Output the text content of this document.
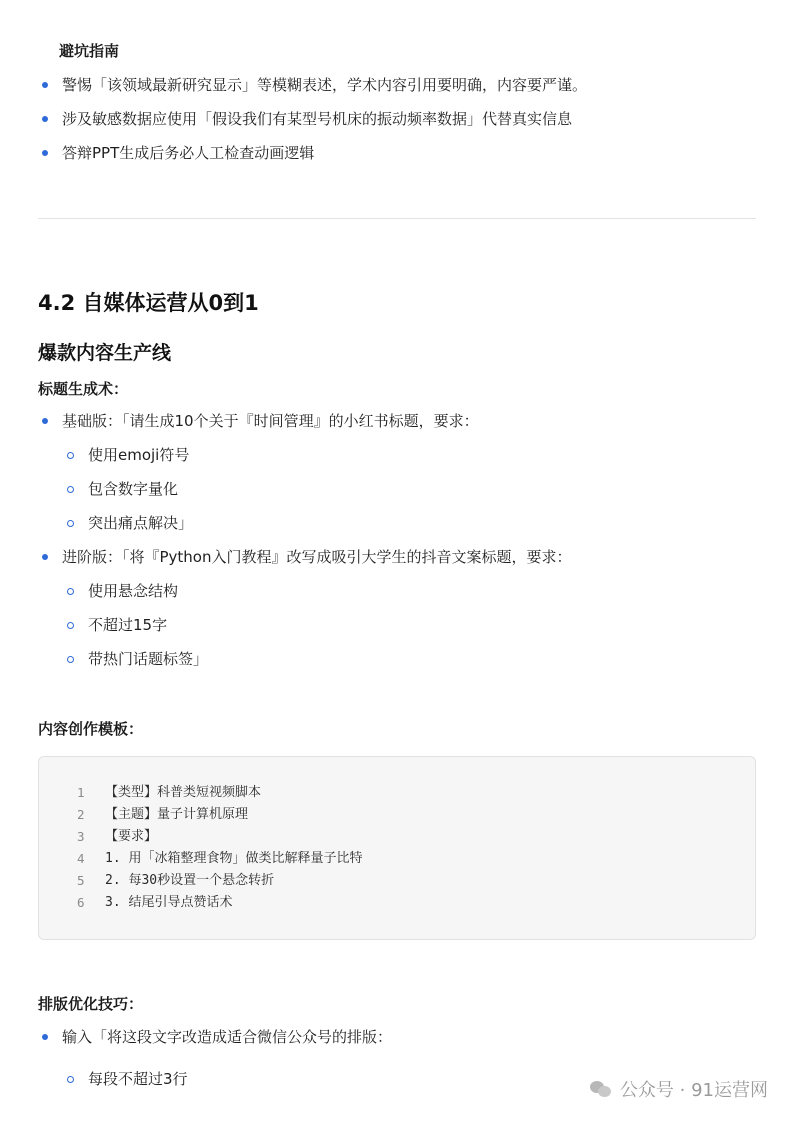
避坑指南
警惕「该领域最新研究显示」等模糊表述，学术内容引用要明确，内容要严谨。
涉及敏感数据应使用「假设我们有某型号机床的振动频率数据」代替真实信息
答辩PPT生成后务必人工检查动画逻辑
4.2 自媒体运营从0到1
爆款内容生产线
标题生成术：
基础版：「请生成10个关于『时间管理』的小红书标题，要求：
使用emoji符号
包含数字量化
突出痛点解决」
进阶版：「将『Python入门教程』改写成吸引大学生的抖音文案标题，要求：
使用悬念结构
不超过15字
带热门话题标签」
内容创作模板：
1	【类型】科普类短视频脚本
2	【主题】量子计算机原理
3	【要求】
4	1. 用「冰箱整理食物」做类比解释量子比特
5	2. 每30秒设置一个悬念转折
6	3. 结尾引导点赞话术
排版优化技巧：
输入「将这段文字改造成适合微信公众号的排版：
每段不超过3行
公众号 · 91运营网
